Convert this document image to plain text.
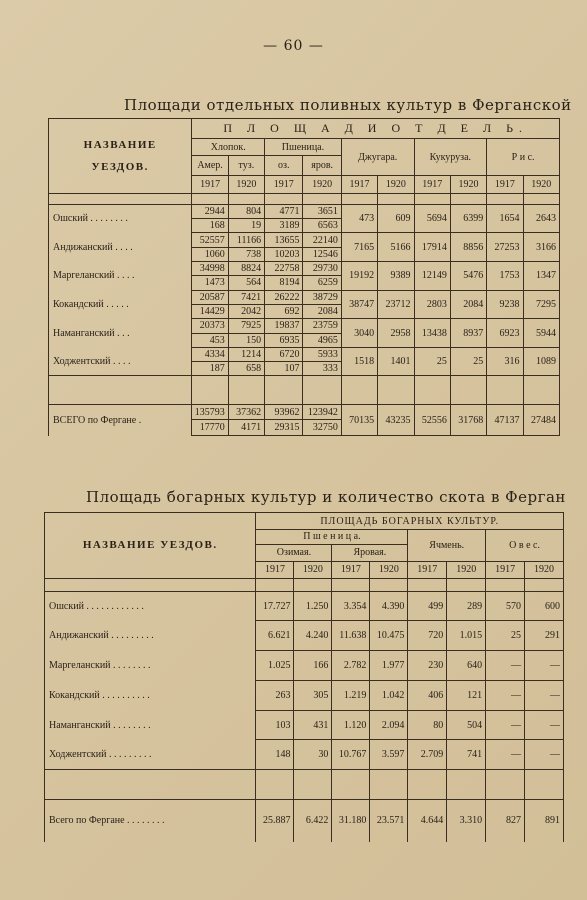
— 60 —
Площади отдельных поливных культур в Ферганской
НАЗВАНИЕ
УЕЗДОВ.	П Л О Щ А Д И О Т Д Е Л Ь.									
	Хлопок.		Пшеница.		Джугара.		Кукуруза.		Р и с.	
	Амер.	туз.	оз.	яров.						
	1917	1920	1917	1920	1917	1920	1917	1920	1917	1920

Ошский . . . . . . . .	2944	804	4771	3651	473	609	5694	6399	1654	2643
	168	19	3189	6563						
Андижанский . . . .	52557	11166	13655	22140	7165	5166	17914	8856	27253	3166
	1060	738	10203	12546						
Маргеланский . . . .	34998	8824	22758	29730	19192	9389	12149	5476	1753	1347
	1473	564	8194	6259						
Кокандский . . . . .	20587	7421	26222	38729	38747	23712	2803	2084	9238	7295
	14429	2042	692	2084						
Наманганский . . .	20373	7925	19837	23759	3040	2958	13438	8937	6923	5944
	453	150	6935	4965						
Ходжентский . . . .	4334	1214	6720	5933	1518	1401	25	25	316	1089
	187	658	107	333						

ВСЕГО по Фергане .	135793	37362	93962	123942	70135	43235	52556	31768	47137	27484
	17770	4171	29315	32750						
Площадь богарных культур и количество скота в Ферган
НАЗВАНИЕ УЕЗДОВ.	ПЛОЩАДЬ БОГАРНЫХ КУЛЬТУР.							
	П ш е н и ц а.				Ячмень.		О в е с.	
	Озимая.		Яровая.					
	1917	1920	1917	1920	1917	1920	1917	1920

Ошский . . . . . . . . . . . .	17.727	1.250	3.354	4.390	499	289	570	600
Андижанский . . . . . . . . .	6.621	4.240	11.638	10.475	720	1.015	25	291
Маргеланский . . . . . . . .	1.025	166	2.782	1.977	230	640	—	—
Кокандский . . . . . . . . . .	263	305	1.219	1.042	406	121	—	—
Наманганский . . . . . . . .	103	431	1.120	2.094	80	504	—	—
Ходжентский . . . . . . . . .	148	30	10.767	3.597	2.709	741	—	—

Всего по Фергане . . . . . . . .	25.887	6.422	31.180	23.571	4.644	3.310	827	891
